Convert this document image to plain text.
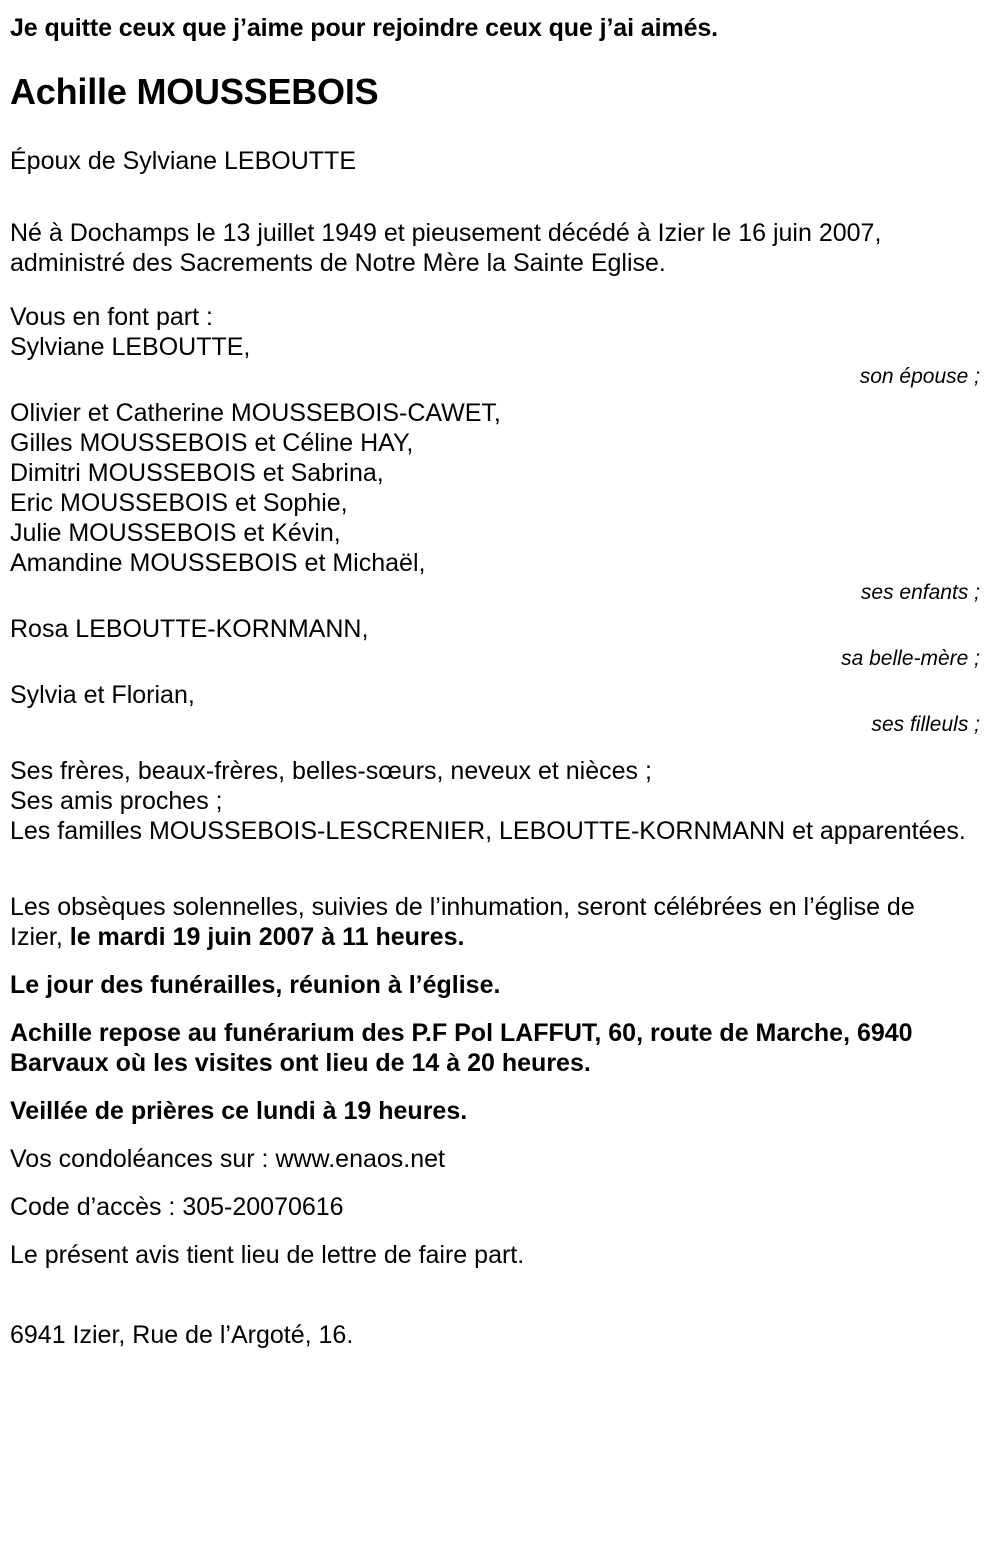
Je quitte ceux que j’aime pour rejoindre ceux que j’ai aimés.

Achille MOUSSEBOIS

Époux de Sylviane LEBOUTTE

Né à Dochamps le 13 juillet 1949 et pieusement décédé à Izier le 16 juin 2007, administré des Sacrements de Notre Mère la Sainte Eglise.

Vous en font part :

Sylviane LEBOUTTE,

son épouse ;

Olivier et Catherine MOUSSEBOIS-CAWET,

Gilles MOUSSEBOIS et Céline HAY,

Dimitri MOUSSEBOIS et Sabrina,

Eric MOUSSEBOIS et Sophie,

Julie MOUSSEBOIS et Kévin,

Amandine MOUSSEBOIS et Michaël,

ses enfants ;

Rosa LEBOUTTE-KORNMANN,

sa belle-mère ;

Sylvia et Florian,

ses filleuls ;

Ses frères, beaux-frères, belles-sœurs, neveux et nièces ;

Ses amis proches ;

Les familles MOUSSEBOIS-LESCRENIER, LEBOUTTE-KORNMANN et apparentées.

Les obsèques solennelles, suivies de l’inhumation, seront célébrées en l’église de Izier, le mardi 19 juin 2007 à 11 heures.

Le jour des funérailles, réunion à l’église.

Achille repose au funérarium des P.F Pol LAFFUT, 60, route de Marche, 6940 Barvaux où les visites ont lieu de 14 à 20 heures.

Veillée de prières ce lundi à 19 heures.

Vos condoléances sur : www.enaos.net

Code d’accès : 305-20070616

Le présent avis tient lieu de lettre de faire part.

6941 Izier, Rue de l’Argoté, 16.
